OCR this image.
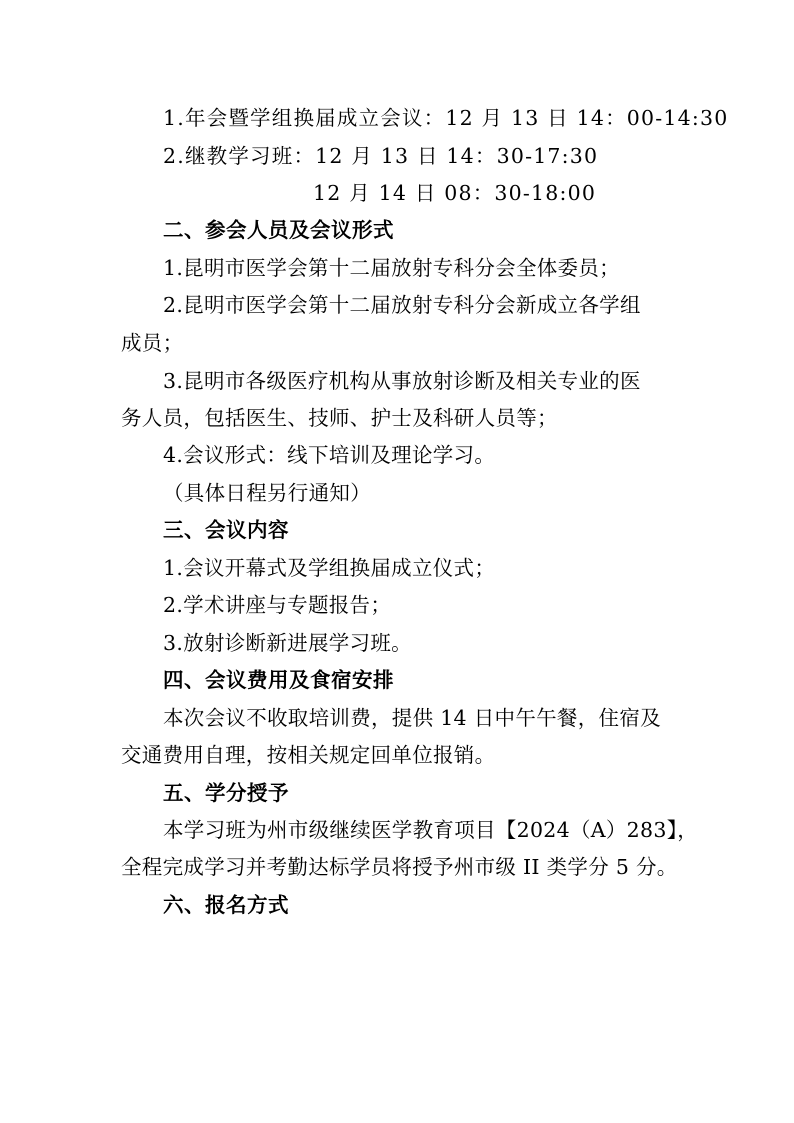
1.年会暨学组换届成立会议：12 月 13 日 14：00-14:30
2.继教学习班：12 月 13 日 14：30-17:30
12 月 14 日 08：30-18:00
二、参会人员及会议形式
1.昆明市医学会第十二届放射专科分会全体委员；
2.昆明市医学会第十二届放射专科分会新成立各学组
成员；
3.昆明市各级医疗机构从事放射诊断及相关专业的医
务人员，包括医生、技师、护士及科研人员等；
4.会议形式：线下培训及理论学习。
（具体日程另行通知）
三、会议内容
1.会议开幕式及学组换届成立仪式；
2.学术讲座与专题报告；
3.放射诊断新进展学习班。
四、会议费用及食宿安排
本次会议不收取培训费，提供 14 日中午午餐，住宿及
交通费用自理，按相关规定回单位报销。
五、学分授予
本学习班为州市级继续医学教育项目【2024（A）283】，
全程完成学习并考勤达标学员将授予州市级 II 类学分 5 分。
六、报名方式
